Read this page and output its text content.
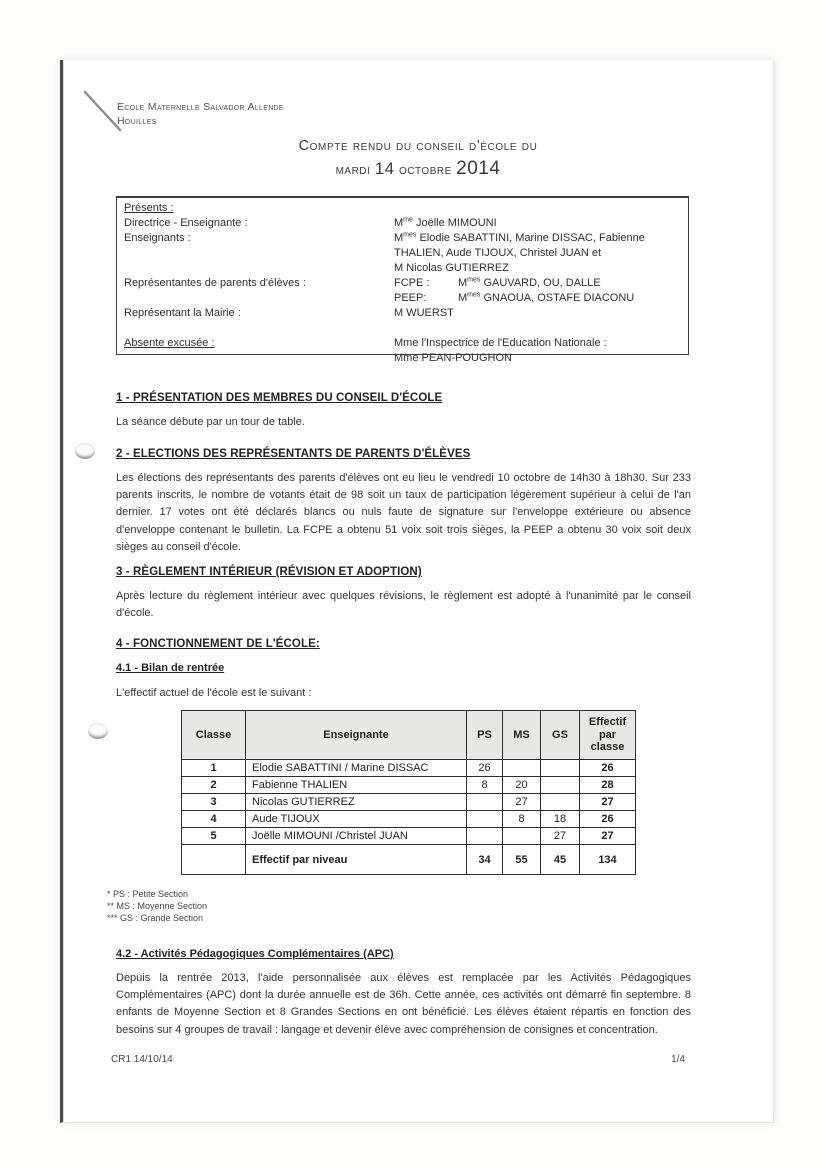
Ecole Maternelle Salvador Allende
Houilles
Compte rendu du conseil d'école du
mardi 14 octobre 2014
Présents :
Directrice - Enseignante :	$M^{me}$ Joëlle MIMOUNI
Enseignants :	$M^{mes}$ Elodie SABATTINI, Marine DISSAC, Fabienne
THALIEN, Aude TIJOUX, Christel JUAN et
M Nicolas GUTIERREZ
Représentantes de parents d'élèves :	FCPE :	$M^{mes}$ GAUVARD, OU, DALLE
PEEP:	$M^{mes}$ GNAOUA, OSTAFE DIACONU
Représentant la Mairie :	M WUERST
Absente excusée :	Mme l'Inspectrice de l'Education Nationale :
Mme PEAN-POUGHON
1 - PRÉSENTATION DES MEMBRES DU CONSEIL D'ÉCOLE
La séance débute par un tour de table.
2 - ELECTIONS DES REPRÉSENTANTS DE PARENTS D'ÉLÈVES
Les élections des représentants des parents d'élèves ont eu lieu le vendredi 10 octobre de 14h30 à 18h30. Sur 233 parents inscrits, le nombre de votants était de 98 soit un taux de participation légèrement supérieur à celui de l'an dernier. 17 votes ont été déclarés blancs ou nuls faute de signature sur l'enveloppe extérieure ou absence d'enveloppe contenant le bulletin. La FCPE a obtenu 51 voix soit trois sièges, la PEEP a obtenu 30 voix soit deux sièges au conseil d'école.
3 - RÈGLEMENT INTÉRIEUR (RÉVISION ET ADOPTION)
Après lecture du règlement intérieur avec quelques révisions, le règlement est adopté à l'unanimité par le conseil d'école.
4 - FONCTIONNEMENT DE L'ÉCOLE:
4.1 - Bilan de rentrée
L'effectif actuel de l'école est le suivant :
Classe	Enseignante	PS	MS	GS	Effectif par classe
1	Elodie SABATTINI / Marine DISSAC	26			26
2	Fabienne THALIEN	8	20		28
3	Nicolas GUTIERREZ		27		27
4	Aude TIJOUX		8	18	26
5	Joëlle MIMOUNI /Christel JUAN			27	27
	Effectif par niveau	34	55	45	134
* PS : Petite Section
** MS : Moyenne Section
*** GS : Grande Section
4.2 - Activités Pédagogiques Complémentaires (APC)
Depuis la rentrée 2013, l'aide personnalisée aux élèves est remplacée par les Activités Pédagogiques Complémentaires (APC) dont la durée annuelle est de 36h. Cette année, ces activités ont démarré fin septembre. 8 enfants de Moyenne Section et 8 Grandes Sections en ont bénéficié. Les élèves étaient répartis en fonction des besoins sur 4 groupes de travail : langage et devenir élève avec compréhension de consignes et concentration.
CR1 14/10/14	1/4
